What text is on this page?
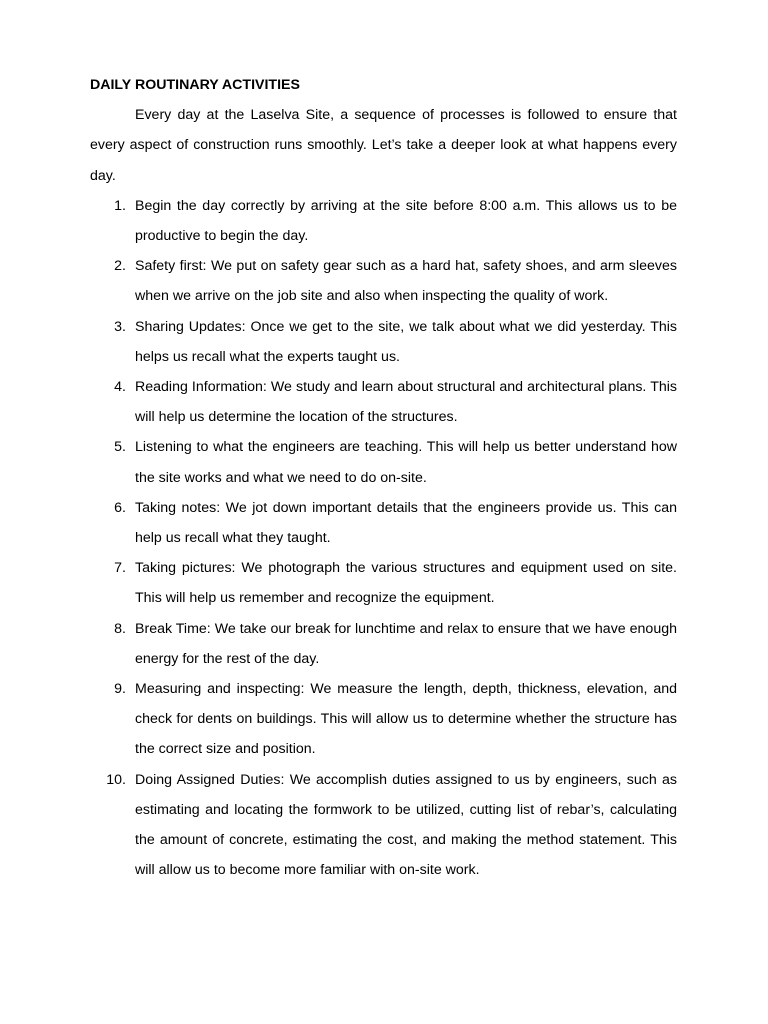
DAILY ROUTINARY ACTIVITIES

Every day at the Laselva Site, a sequence of processes is followed to ensure that every aspect of construction runs smoothly. Let’s take a deeper look at what happens every day.

1. Begin the day correctly by arriving at the site before 8:00 a.m. This allows us to be productive to begin the day.
2. Safety first: We put on safety gear such as a hard hat, safety shoes, and arm sleeves when we arrive on the job site and also when inspecting the quality of work.
3. Sharing Updates: Once we get to the site, we talk about what we did yesterday. This helps us recall what the experts taught us.
4. Reading Information: We study and learn about structural and architectural plans. This will help us determine the location of the structures.
5. Listening to what the engineers are teaching. This will help us better understand how the site works and what we need to do on-site.
6. Taking notes: We jot down important details that the engineers provide us. This can help us recall what they taught.
7. Taking pictures: We photograph the various structures and equipment used on site. This will help us remember and recognize the equipment.
8. Break Time: We take our break for lunchtime and relax to ensure that we have enough energy for the rest of the day.
9. Measuring and inspecting: We measure the length, depth, thickness, elevation, and check for dents on buildings. This will allow us to determine whether the structure has the correct size and position.
10. Doing Assigned Duties: We accomplish duties assigned to us by engineers, such as estimating and locating the formwork to be utilized, cutting list of rebar’s, calculating the amount of concrete, estimating the cost, and making the method statement. This will allow us to become more familiar with on-site work.
